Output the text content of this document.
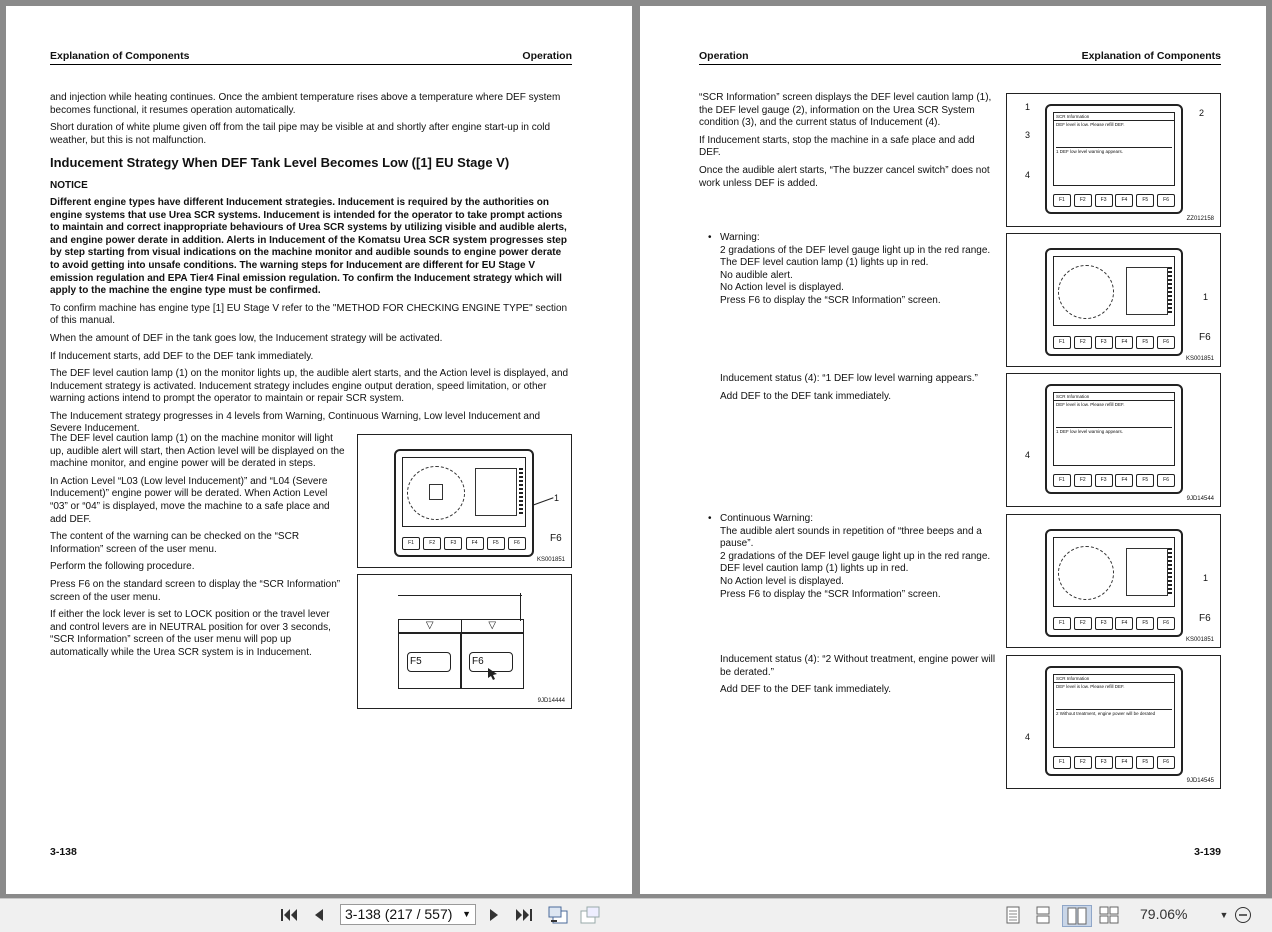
Explanation of Components	Operation

and injection while heating continues. Once the ambient temperature rises above a temperature where DEF system becomes functional, it resumes operation automatically.

Short duration of white plume given off from the tail pipe may be visible at and shortly after engine start-up in cold weather, but this is not malfunction.

Inducement Strategy When DEF Tank Level Becomes Low ([1] EU Stage V)

NOTICE

Different engine types have different Inducement strategies. Inducement is required by the authorities on engine systems that use Urea SCR systems. Inducement is intended for the operator to take prompt actions to maintain and correct inappropriate behaviours of Urea SCR systems by utilizing visible and audible alerts, and engine power derate in addition. Alerts in Inducement of the Komatsu Urea SCR system progresses step by step starting from visual indications on the machine monitor and audible sounds to engine power derate to avoid getting into unsafe conditions. The warning steps for Inducement are different for EU Stage V emission regulation and EPA Tier4 Final emission regulation. To confirm the Inducement strategy which will apply to the machine the engine type must be confirmed.

To confirm machine has engine type [1] EU Stage V refer to the "METHOD FOR CHECKING ENGINE TYPE" section of this manual.

When the amount of DEF in the tank goes low, the Inducement strategy will be activated.

If Inducement starts, add DEF to the DEF tank immediately.

The DEF level caution lamp (1) on the monitor lights up, the audible alert starts, and the Action level is displayed, and Inducement strategy is activated. Inducement strategy includes engine output deration, speed limitation, or other warning actions intend to prompt the operator to maintain or repair SCR system.

The Inducement strategy progresses in 4 levels from Warning, Continuous Warning, Low level Inducement and Severe Inducement.

The DEF level caution lamp (1) on the machine monitor will light up, audible alert will start, then Action level will be displayed on the machine monitor, and engine power will be derated in steps.

In Action Level “L03 (Low level Inducement)” and “L04 (Severe Inducement)” engine power will be derated. When Action Level “03” or “04” is displayed, move the machine to a safe place and add DEF.

The content of the warning can be checked on the “SCR Information” screen of the user menu.

Perform the following procedure.

Press F6 on the standard screen to display the “SCR Information” screen of the user menu.

If either the lock lever is set to LOCK position or the travel lever and control levers are in NEUTRAL position for over 3 seconds, “SCR Information” screen of the user menu will pop up automatically while the Urea SCR system is in Inducement.

F1	F2	F3	F4	F5	F6
1
F6
KS001851
▽	▽
F5	F6
9JD14444
3-138
Operation	Explanation of Components

“SCR Information” screen displays the DEF level caution lamp (1), the DEF level gauge (2), information on the Urea SCR System condition (3), and the current status of Inducement (4).

If Inducement starts, stop the machine in a safe place and add DEF.

Once the audible alert starts, “The buzzer cancel switch” does not work unless DEF is added.

• Warning:
2 gradations of the DEF level gauge light up in the red range.
The DEF level caution lamp (1) lights up in red.
No audible alert.
No Action level is displayed.
Press F6 to display the “SCR Information” screen.

Inducement status (4): “1 DEF low level warning appears.”

Add DEF to the DEF tank immediately.

• Continuous Warning:
The audible alert sounds in repetition of “three beeps and a pause”.
2 gradations of the DEF level gauge light up in the red range.
DEF level caution lamp (1) lights up in red.
No Action level is displayed.
Press F6 to display the “SCR Information” screen.

Inducement status (4): “2 Without treatment, engine power will be derated.”

Add DEF to the DEF tank immediately.

SCR Information
DEF level is low. Please refill DEF.
1 DEF low level warning appears.
F1	F2	F3	F4	F5	F6
1
2
3
4
ZZ012158
F1	F2	F3	F4	F5	F6
1
F6
KS001851
SCR Information
DEF level is low. Please refill DEF.
1 DEF low level warning appears.
F1	F2	F3	F4	F5	F6
4
9JD14544
F1	F2	F3	F4	F5	F6
1
F6
KS001851
SCR Information
DEF level is low. Please refill DEF.
2 Without treatment, engine power will be derated
F1	F2	F3	F4	F5	F6
4
9JD14545
3-139
3-138 (217 / 557) ▼	79.06%	▼
